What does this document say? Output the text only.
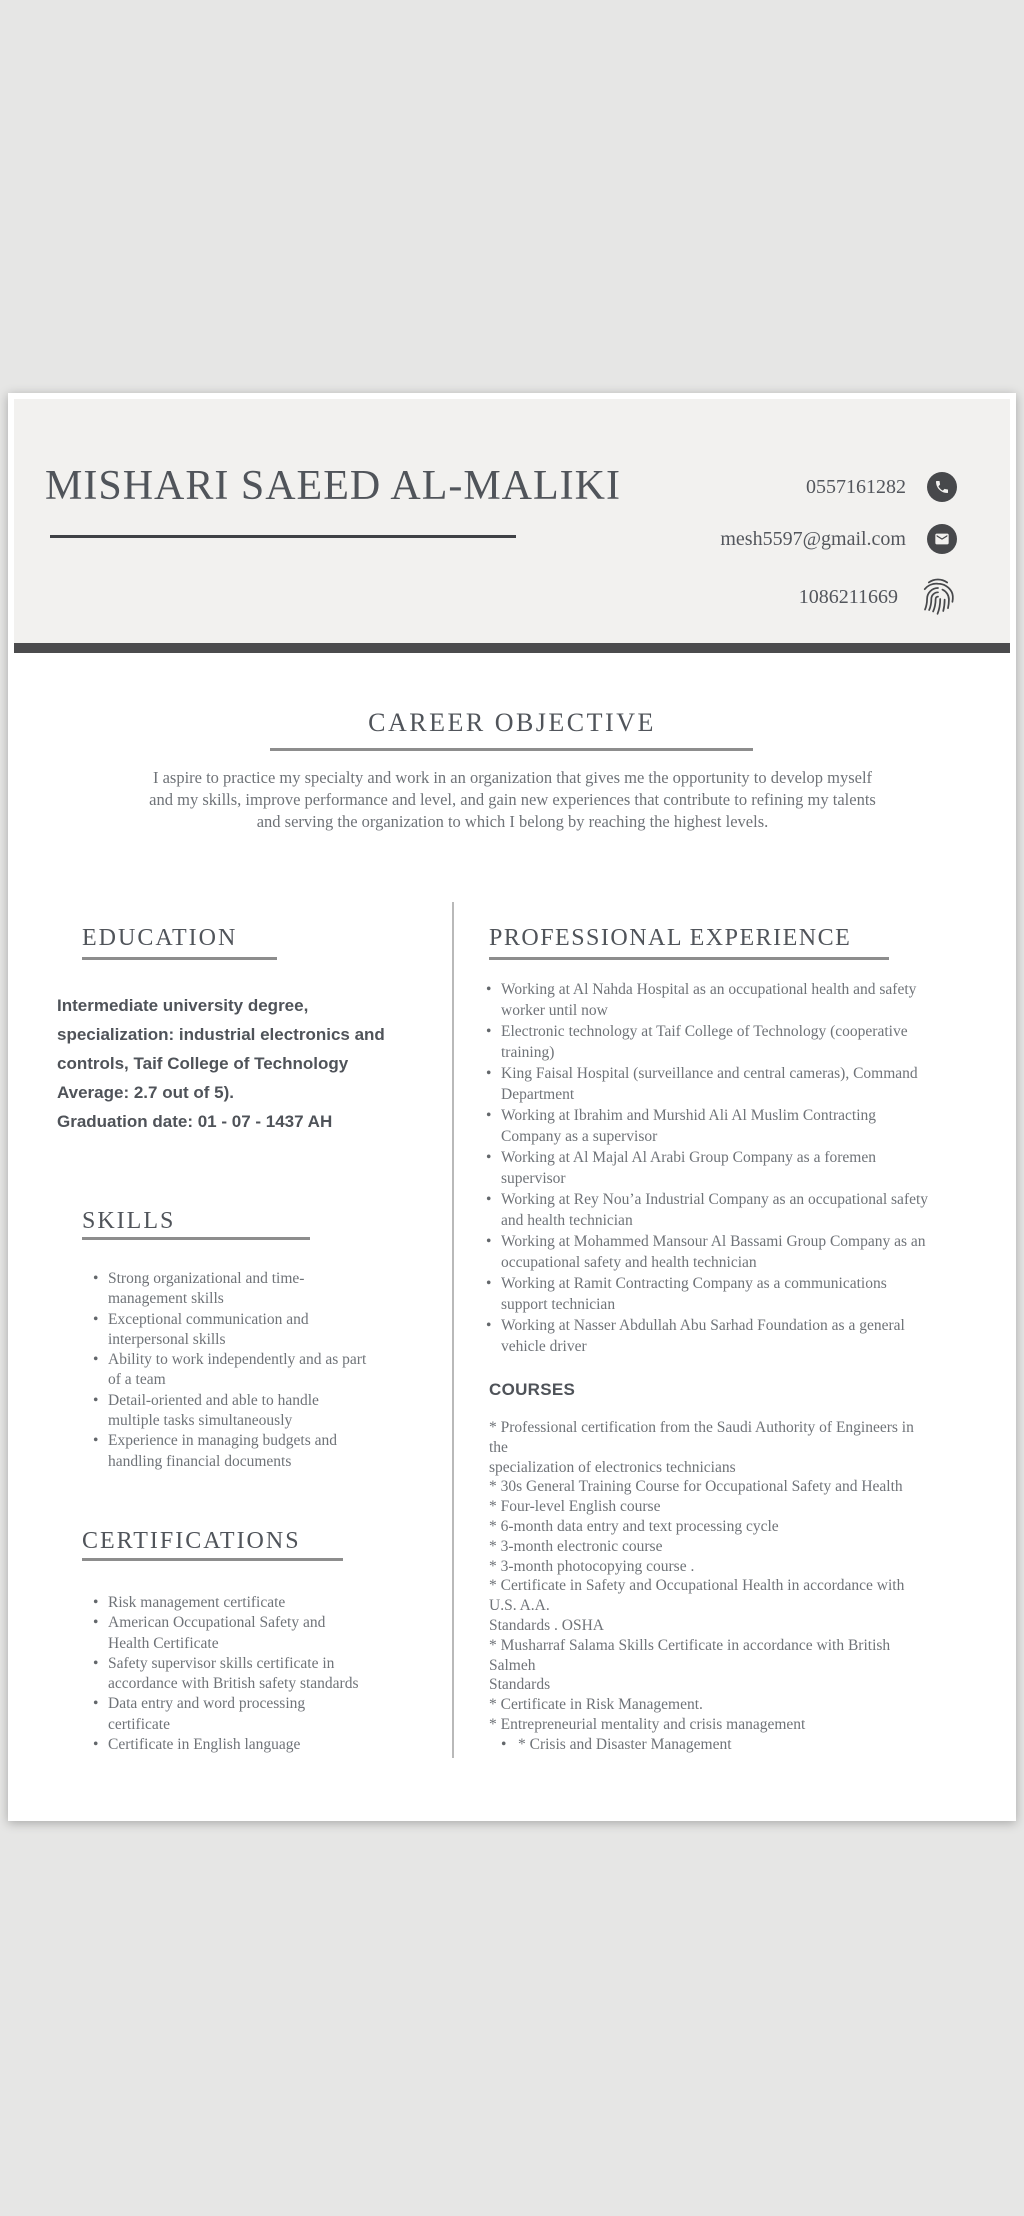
MISHARI SAEED AL-MALIKI	0557161282
mesh5597@gmail.com
1086211669
CAREER OBJECTIVE
I aspire to practice my specialty and work in an organization that gives me the opportunity to develop myself
and my skills, improve performance and level, and gain new experiences that contribute to refining my talents
and serving the organization to which I belong by reaching the highest levels.
EDUCATION
Intermediate university degree,
specialization: industrial electronics and
controls, Taif College of Technology
Average: 2.7 out of 5).
Graduation date: 01 - 07 - 1437 AH
SKILLS
• Strong organizational and time-management skills
• Exceptional communication and interpersonal skills
• Ability to work independently and as part of a team
• Detail-oriented and able to handle multiple tasks simultaneously
• Experience in managing budgets and handling financial documents
CERTIFICATIONS
• Risk management certificate
• American Occupational Safety and Health Certificate
• Safety supervisor skills certificate in accordance with British safety standards
• Data entry and word processing certificate
• Certificate in English language
PROFESSIONAL EXPERIENCE
• Working at Al Nahda Hospital as an occupational health and safety worker until now
• Electronic technology at Taif College of Technology (cooperative training)
• King Faisal Hospital (surveillance and central cameras), Command Department
• Working at Ibrahim and Murshid Ali Al Muslim Contracting Company as a supervisor
• Working at Al Majal Al Arabi Group Company as a foremen supervisor
• Working at Rey Nou’a Industrial Company as an occupational safety and health technician
• Working at Mohammed Mansour Al Bassami Group Company as an occupational safety and health technician
• Working at Ramit Contracting Company as a communications support technician
• Working at Nasser Abdullah Abu Sarhad Foundation as a general vehicle driver
COURSES
* Professional certification from the Saudi Authority of Engineers in
the
specialization of electronics technicians
* 30s General Training Course for Occupational Safety and Health
* Four-level English course
* 6-month data entry and text processing cycle
* 3-month electronic course
* 3-month photocopying course .
* Certificate in Safety and Occupational Health in accordance with
U.S. A.A.
Standards . OSHA
* Musharraf Salama Skills Certificate in accordance with British
Salmeh
Standards
* Certificate in Risk Management.
* Entrepreneurial mentality and crisis management
• * Crisis and Disaster Management
